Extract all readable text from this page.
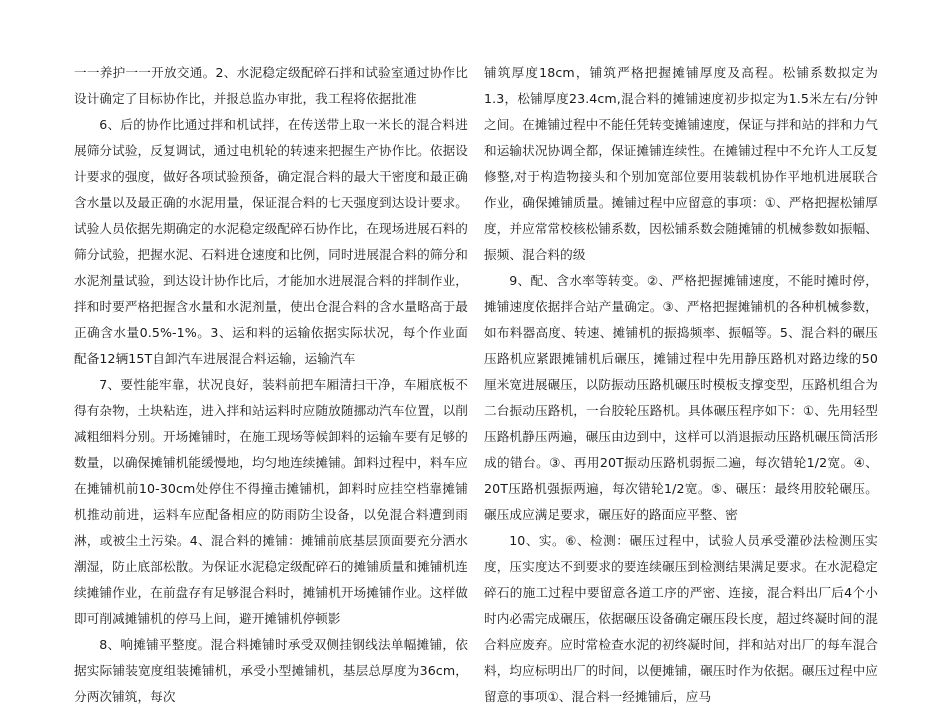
一一养护一一开放交通。2、水泥稳定级配碎石拌和试验室通过协作比设计确定了目标协作比，并报总监办审批，我工程将依据批准

6、后的协作比通过拌和机试拌，在传送带上取一米长的混合料进展筛分试验，反复调试，通过电机轮的转速来把握生产协作比。依据设计要求的强度，做好各项试验预备，确定混合料的最大干密度和最正确含水量以及最正确的水泥用量，保证混合料的七天强度到达设计要求。试验人员依据先期确定的水泥稳定级配碎石协作比，在现场进展石料的筛分试验，把握水泥、石料进仓速度和比例，同时进展混合料的筛分和水泥剂量试验，到达设计协作比后，才能加水进展混合料的拌制作业，拌和时要严格把握含水量和水泥剂量，使出仓混合料的含水量略高于最正确含水量0.5%-1%。3、运和料的运输依据实际状况，每个作业面配备12辆15T自卸汽车进展混合料运输，运输汽车

7、要性能牢靠，状况良好，装料前把车厢清扫干净，车厢底板不得有杂物，土块粘连，进入拌和站运料时应随放随挪动汽车位置，以削减粗细料分别。开场摊铺时，在施工现场等候卸料的运输车要有足够的数量，以确保摊铺机能缓慢地，均匀地连续摊铺。卸料过程中，料车应在摊铺机前10-30cm处停住不得撞击摊铺机，卸料时应挂空档靠摊铺机推动前进，运料车应配备相应的防雨防尘设备，以免混合料遭到雨淋，或被尘土污染。4、混合料的摊铺：摊铺前底基层顶面要充分洒水潮湿，防止底部松散。为保证水泥稳定级配碎石的摊铺质量和摊铺机连续摊铺作业，在前盘存有足够混合料时，摊铺机开场摊铺作业。这样做即可削减摊铺机的停马上间，避开摊铺机停顿影

8、响摊铺平整度。混合料摊铺时承受双侧挂钢线法单幅摊铺，依据实际铺装宽度组装摊铺机，承受小型摊铺机，基层总厚度为36cm，分两次铺筑，每次

铺筑厚度18cm，铺筑严格把握摊铺厚度及高程。松铺系数拟定为1.3，松铺厚度23.4cm,混合料的摊铺速度初步拟定为1.5米左右/分钟之间。在摊铺过程中不能任凭转变摊铺速度，保证与拌和站的拌和力气和运输状况协调全都，保证摊铺连续性。在摊铺过程中不允许人工反复修整,对于构造物接头和个别加宽部位要用装载机协作平地机进展联合作业，确保摊铺质量。摊铺过程中应留意的事项：①、严格把握松铺厚度，并应常常校核松铺系数，因松铺系数会随摊铺的机械参数如振幅、振频、混合料的级

9、配、含水率等转变。②、严格把握摊铺速度，不能时摊时停，摊铺速度依据拌合站产量确定。③、严格把握摊铺机的各种机械参数，如布料器高度、转速、摊铺机的振捣频率、振幅等。5、混合料的碾压压路机应紧跟摊铺机后碾压，摊铺过程中先用静压路机对路边缘的50厘米宽进展碾压，以防振动压路机碾压时模板支撑变型，压路机组合为二台振动压路机，一台胶轮压路机。具体碾压程序如下：①、先用轻型压路机静压两遍，碾压由边到中，这样可以消退振动压路机碾压筒活形成的错台。③、再用20T振动压路机弱振二遍，每次错轮1/2宽。④、20T压路机强振两遍，每次错轮1/2宽。⑤、碾压：最终用胶轮碾压。碾压成应满足要求，碾压好的路面应平整、密

10、实。⑥、检测：碾压过程中，试验人员承受灌砂法检测压实度，压实度达不到要求的要连续碾压到检测结果满足要求。在水泥稳定碎石的施工过程中要留意各道工序的严密、连接，混合料出厂后4个小时内必需完成碾压，依据碾压设备确定碾压段长度，超过终凝时间的混合料应废弃。应时常检查水泥的初终凝时间，拌和站对出厂的每车混合料，均应标明出厂的时间，以便摊铺，碾压时作为依据。碾压过程中应留意的事项①、混合料一经摊铺后，应马
